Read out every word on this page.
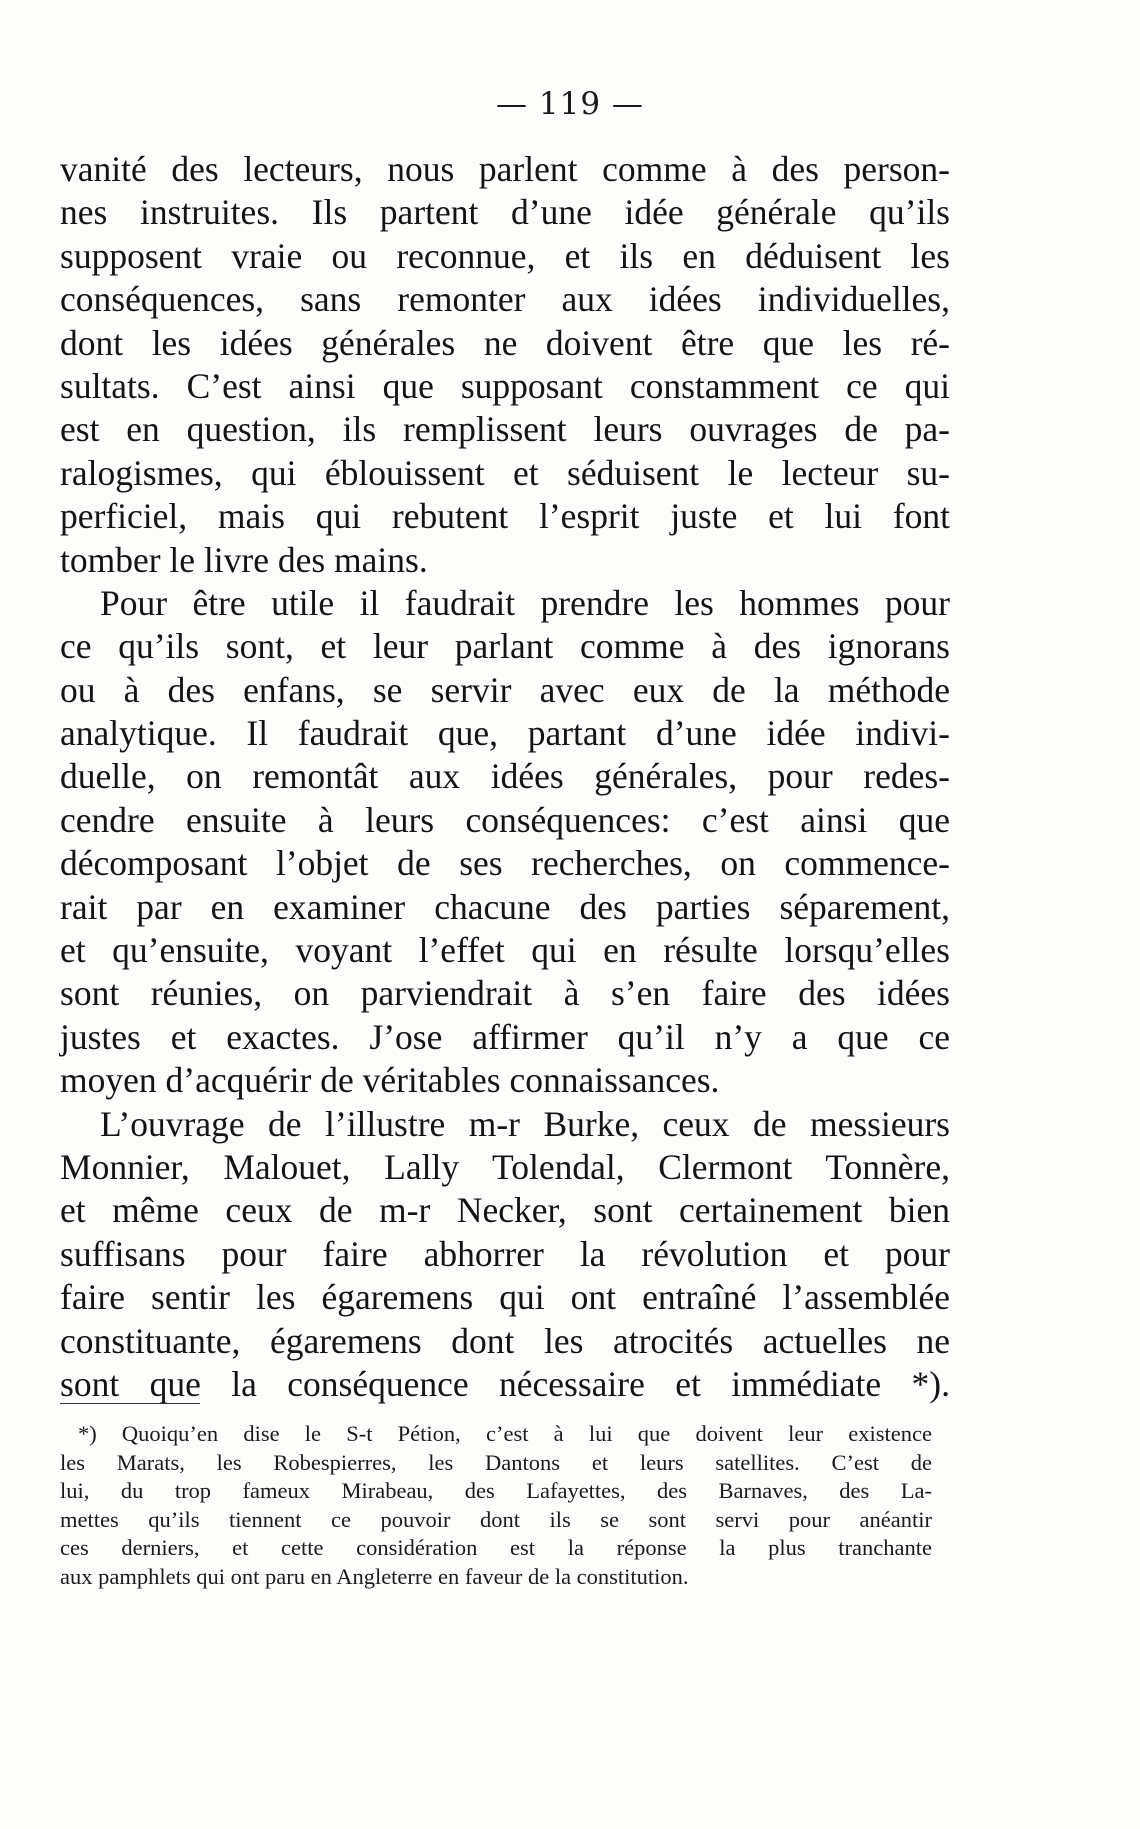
— 119 —
vanité des lecteurs, nous parlent comme à des person-
nes instruites. Ils partent d’une idée générale qu’ils
supposent vraie ou reconnue, et ils en déduisent les
conséquences, sans remonter aux idées individuelles,
dont les idées générales ne doivent être que les ré-
sultats. C’est ainsi que supposant constamment ce qui
est en question, ils remplissent leurs ouvrages de pa-
ralogismes, qui éblouissent et séduisent le lecteur su-
perficiel, mais qui rebutent l’esprit juste et lui font
tomber le livre des mains.
Pour être utile il faudrait prendre les hommes pour
ce qu’ils sont, et leur parlant comme à des ignorans
ou à des enfans, se servir avec eux de la méthode
analytique. Il faudrait que, partant d’une idée indivi-
duelle, on remontât aux idées générales, pour redes-
cendre ensuite à leurs conséquences: c’est ainsi que
décomposant l’objet de ses recherches, on commence-
rait par en examiner chacune des parties séparement,
et qu’ensuite, voyant l’effet qui en résulte lorsqu’elles
sont réunies, on parviendrait à s’en faire des idées
justes et exactes. J’ose affirmer qu’il n’y a que ce
moyen d’acquérir de véritables connaissances.
L’ouvrage de l’illustre m-r Burke, ceux de messieurs
Monnier, Malouet, Lally Tolendal, Clermont Tonnère,
et même ceux de m-r Necker, sont certainement bien
suffisans pour faire abhorrer la révolution et pour
faire sentir les égaremens qui ont entraîné l’assemblée
constituante, égaremens dont les atrocités actuelles ne
sont que la conséquence nécessaire et immédiate *).
*) Quoiqu’en dise le S-t Pétion, c’est à lui que doivent leur existence
les Marats, les Robespierres, les Dantons et leurs satellites. C’est de
lui, du trop fameux Mirabeau, des Lafayettes, des Barnaves, des La-
mettes qu’ils tiennent ce pouvoir dont ils se sont servi pour anéantir
ces derniers, et cette considération est la réponse la plus tranchante
aux pamphlets qui ont paru en Angleterre en faveur de la constitution.
